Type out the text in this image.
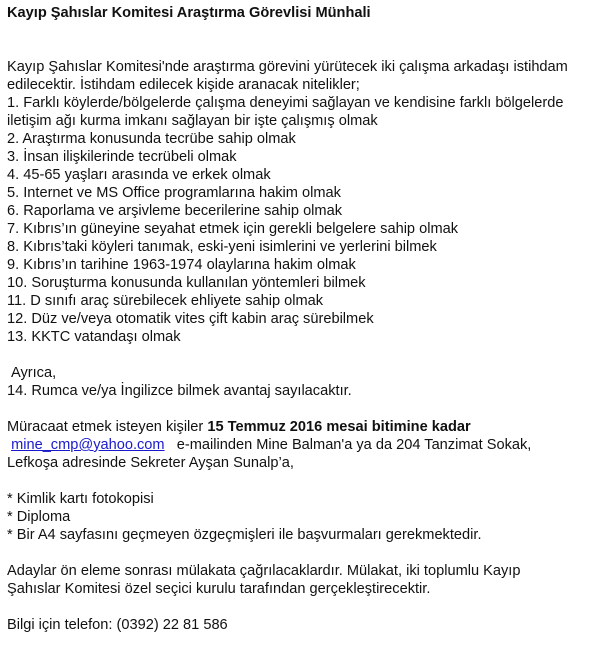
Kayıp Şahıslar Komitesi Araştırma Görevlisi Münhali
Kayıp Şahıslar Komitesi'nde araştırma görevini yürütecek iki çalışma arkadaşı istihdam
edilecektir. İstihdam edilecek kişide aranacak nitelikler;
1. Farklı köylerde/bölgelerde çalışma deneyimi sağlayan ve kendisine farklı bölgelerde
iletişim ağı kurma imkanı sağlayan bir işte çalışmış olmak
2. Araştırma konusunda tecrübe sahip olmak
3. İnsan ilişkilerinde tecrübeli olmak
4. 45-65 yaşları arasında ve erkek olmak
5. Internet ve MS Office programlarına hakim olmak
6. Raporlama ve arşivleme becerilerine sahip olmak
7. Kıbrıs’ın güneyine seyahat etmek için gerekli belgelere sahip olmak
8. Kıbrıs’taki köyleri tanımak, eski-yeni isimlerini ve yerlerini bilmek
9. Kıbrıs’ın tarihine 1963-1974 olaylarına hakim olmak
10. Soruşturma konusunda kullanılan yöntemleri bilmek
11. D sınıfı araç sürebilecek ehliyete sahip olmak
12. Düz ve/veya otomatik vites çift kabin araç sürebilmek
13. KKTC vatandaşı olmak
Ayrıca,
14. Rumca ve/ya İngilizce bilmek avantaj sayılacaktır.
Müracaat etmek isteyen kişiler 15 Temmuz 2016 mesai bitimine kadar
mine_cmp@yahoo.com   e-mailinden Mine Balman'a ya da 204 Tanzimat Sokak,
Lefkoşa adresinde Sekreter Ayşan Sunalp’a,
* Kimlik kartı fotokopisi
* Diploma
* Bir A4 sayfasını geçmeyen özgeçmişleri ile başvurmaları gerekmektedir.
Adaylar ön eleme sonrası mülakata çağrılacaklardır. Mülakat, iki toplumlu Kayıp
Şahıslar Komitesi özel seçici kurulu tarafından gerçekleştirecektir.
Bilgi için telefon: (0392) 22 81 586
